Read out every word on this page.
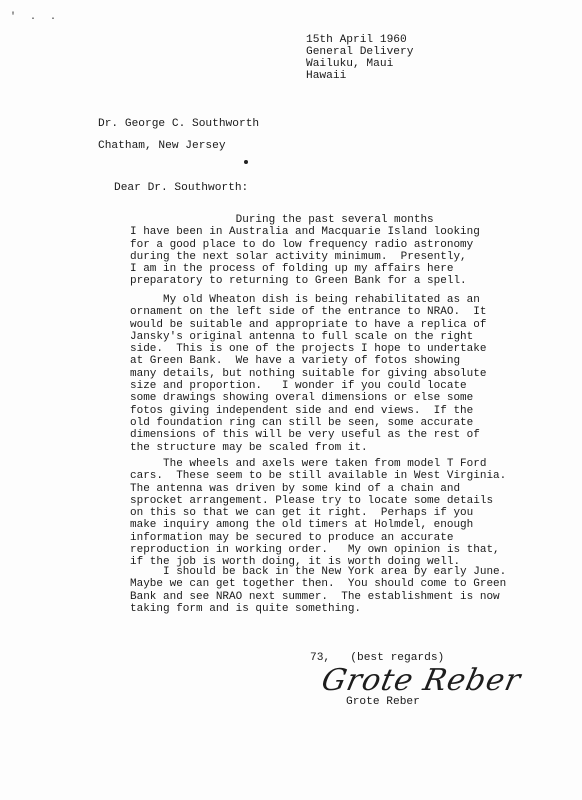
' . .
15th April 1960
General Delivery
Wailuku, Maui
Hawaii
Dr. George C. Southworth
Chatham, New Jersey
Dear Dr. Southworth:
During the past several months
I have been in Australia and Macquarie Island looking
for a good place to do low frequency radio astronomy
during the next solar activity minimum.  Presently,
I am in the process of folding up my affairs here
preparatory to returning to Green Bank for a spell.
My old Wheaton dish is being rehabilitated as an
ornament on the left side of the entrance to NRAO.  It
would be suitable and appropriate to have a replica of
Jansky's original antenna to full scale on the right
side.  This is one of the projects I hope to undertake
at Green Bank.  We have a variety of fotos showing
many details, but nothing suitable for giving absolute
size and proportion.   I wonder if you could locate
some drawings showing overal dimensions or else some
fotos giving independent side and end views.  If the
old foundation ring can still be seen, some accurate
dimensions of this will be very useful as the rest of
the structure may be scaled from it.
The wheels and axels were taken from model T Ford
cars.  These seem to be still available in West Virginia.
The antenna was driven by some kind of a chain and
sprocket arrangement. Please try to locate some details
on this so that we can get it right.  Perhaps if you
make inquiry among the old timers at Holmdel, enough
information may be secured to produce an accurate
reproduction in working order.   My own opinion is that,
if the job is worth doing, it is worth doing well.
I should be back in the New York area by early June.
Maybe we can get together then.  You should come to Green
Bank and see NRAO next summer.  The establishment is now
taking form and is quite something.
73,   (best regards)
Grote Reber
Grote Reber
